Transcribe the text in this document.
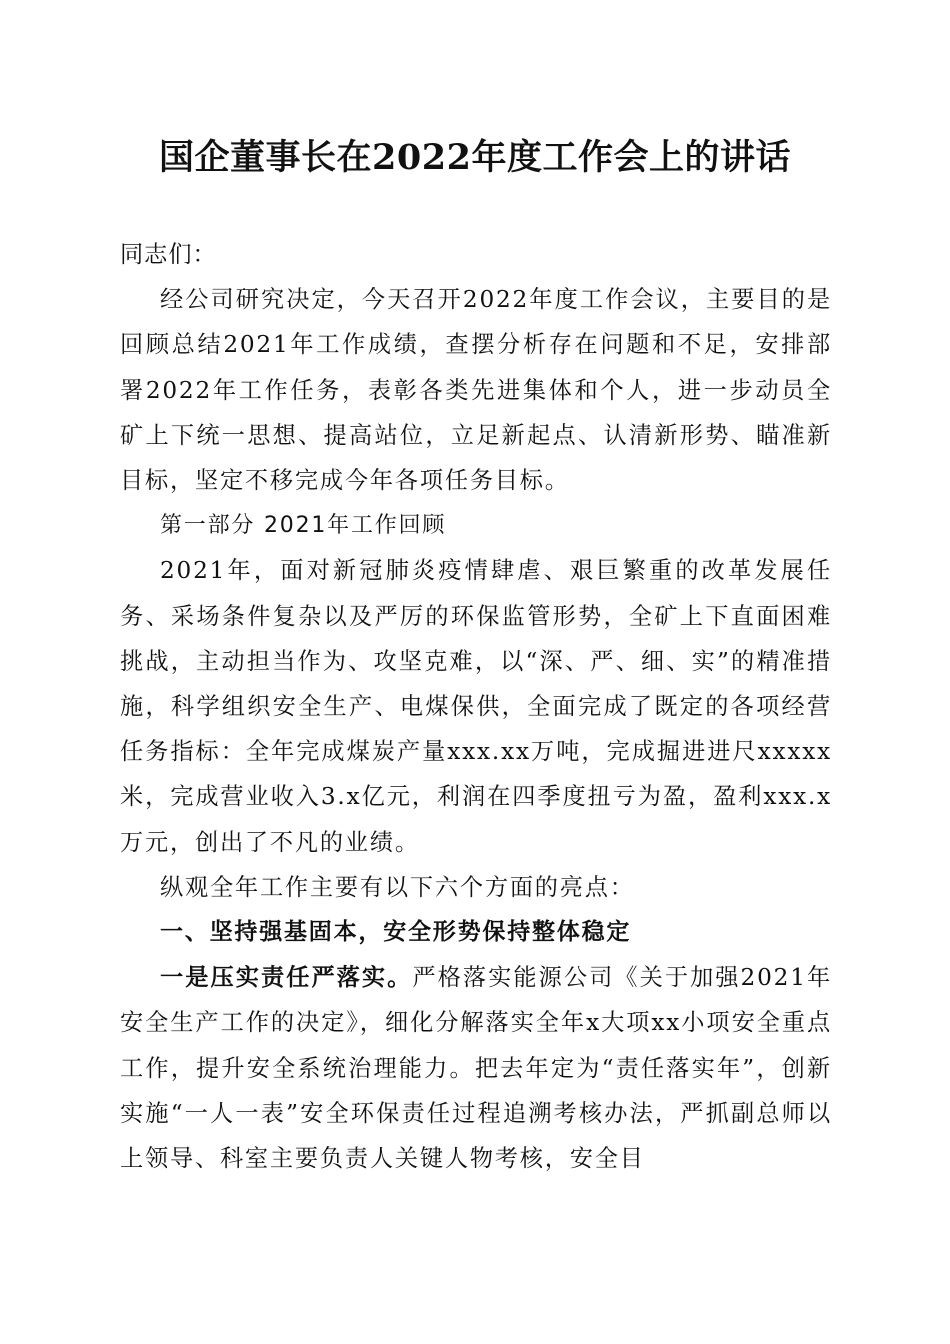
国企董事长在2022年度工作会上的讲话

同志们：

经公司研究决定，今天召开2022年度工作会议，主要目的是回顾总结2021年工作成绩，查摆分析存在问题和不足，安排部署2022年工作任务，表彰各类先进集体和个人，进一步动员全矿上下统一思想、提高站位，立足新起点、认清新形势、瞄准新目标，坚定不移完成今年各项任务目标。

第一部分 2021年工作回顾

2021年，面对新冠肺炎疫情肆虐、艰巨繁重的改革发展任务、采场条件复杂以及严厉的环保监管形势，全矿上下直面困难挑战，主动担当作为、攻坚克难，以“深、严、细、实”的精准措施，科学组织安全生产、电煤保供，全面完成了既定的各项经营任务指标：全年完成煤炭产量xxx.xx万吨，完成掘进进尺xxxxx米，完成营业收入3.x亿元，利润在四季度扭亏为盈，盈利xxx.x万元，创出了不凡的业绩。

纵观全年工作主要有以下六个方面的亮点：

一、坚持强基固本，安全形势保持整体稳定

一是压实责任严落实。严格落实能源公司《关于加强2021年安全生产工作的决定》，细化分解落实全年x大项xx小项安全重点工作，提升安全系统治理能力。把去年定为“责任落实年”，创新实施“一人一表”安全环保责任过程追溯考核办法，严抓副总师以上领导、科室主要负责人关键人物考核，安全目
